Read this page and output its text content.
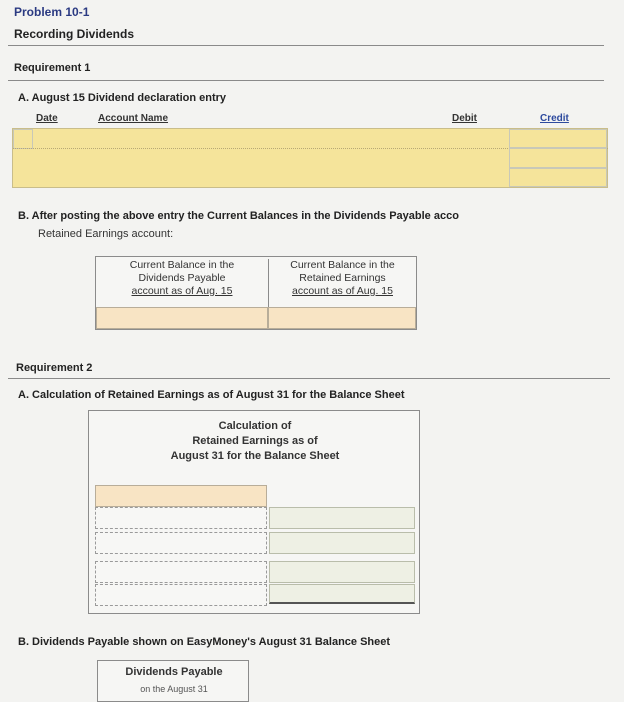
Problem 10-1
Recording Dividends
Requirement 1
A. August 15 Dividend declaration entry
Date	Account Name	Debit	Credit
B. After posting the above entry the Current Balances in the Dividends Payable acco
Retained Earnings account:
Current Balance in the
Dividends Payable
account as of Aug. 15
Current Balance in the
Retained Earnings
account as of Aug. 15
Requirement 2
A. Calculation of Retained Earnings as of August 31 for the Balance Sheet
Calculation of
Retained Earnings as of
August 31 for the Balance Sheet
B. Dividends Payable shown on EasyMoney's August 31 Balance Sheet
Dividends Payable
on the August 31
